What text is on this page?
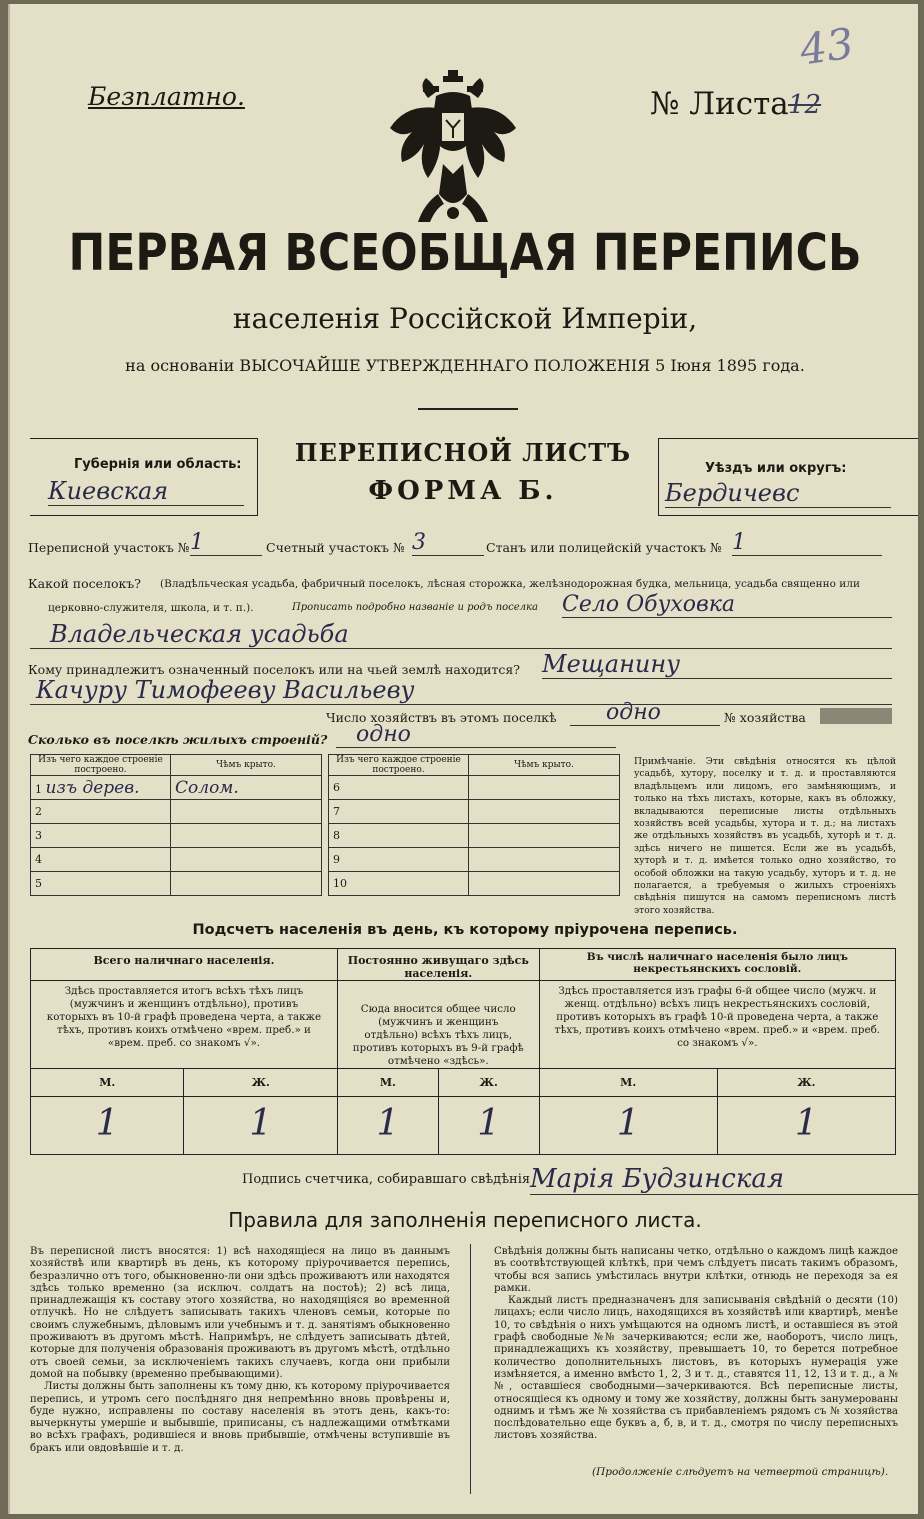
Безплатно.
43
№ Листа 12
ПЕРВАЯ ВСЕОБЩАЯ ПЕРЕПИСЬ
населенія Россійской Имперіи,
на основаніи ВЫСОЧАЙШЕ УТВЕРЖДЕННАГО ПОЛОЖЕНІЯ 5 Іюня 1895 года.
Губернія или область:
Киевская
ПЕРЕПИСНОЙ ЛИСТЪ
ФОРМА Б.
Уѣздъ или округъ:
Бердичевс
Переписной участокъ № 1	Счетный участокъ № 3	Станъ или полицейскій участокъ № 1
Какой поселокъ? (Владѣльческая усадьба, фабричный поселокъ, лѣсная сторожка, желѣзнодорожная будка, мельница, усадьба священно или
церковно-служителя, школа, и т. п.).	Прописать подробно названіе и родъ поселка Село Обуховка
Владельческая усадьба
Кому принадлежитъ означенный поселокъ или на чьей землѣ находится? Мещанину
Качуру Тимофееву Васильеву
Число хозяйствъ въ этомъ поселкѣ	одно	№ хозяйства
Сколько въ поселкѣ жилыхъ строеній?	одно
Изъ чего каждое строеніе построено.	Чѣмъ крыто.
1 изъ дерев.	Солом.
2	
3	
4	
5	
Изъ чего каждое строеніе построено.	Чѣмъ крыто.
6	
7	
8	
9	
10	
Примѣчаніе. Эти свѣдѣнія относятся къ цѣлой усадьбѣ, хутору, поселку и т. д. и проставляются владѣльцемъ или лицомъ, его замѣняющимъ, и только на тѣхъ листахъ, которые, какъ въ обложку, вкладываются переписные листы отдѣльныхъ хозяйствъ всей усадьбы, хутора и т. д.; на листахъ же отдѣльныхъ хозяйствъ въ усадьбѣ, хуторѣ и т. д. здѣсь ничего не пишется. Если же въ усадьбѣ, хуторѣ и т. д. имѣется только одно хозяйство, то особой обложки на такую усадьбу, хуторъ и т. д. не полагается, а требуемыя о жилыхъ строеніяхъ свѣдѣнія пишутся на самомъ переписномъ листѣ этого хозяйства.
Подсчетъ населенія въ день, къ которому пріурочена перепись.
Всего наличнаго населенія.		Постоянно живущаго здѣсь населенія.		Въ числѣ наличнаго населенія было лицъ некрестьянскихъ сословій.	
Здѣсь проставляется итогъ всѣхъ тѣхъ лицъ (мужчинъ и женщинъ отдѣльно), противъ которыхъ въ 10-й графѣ проведена черта, а также тѣхъ, противъ коихъ отмѣчено «врем. преб.» и «врем. преб. со знакомъ √».		Сюда вносится общее число (мужчинъ и женщинъ отдѣльно) всѣхъ тѣхъ лицъ, противъ которыхъ въ 9-й графѣ отмѣчено «здѣсь».		Здѣсь проставляется изъ графы 6-й общее число (мужч. и женщ. отдѣльно) всѣхъ лицъ некрестьянскихъ сословій, противъ которыхъ въ графѣ 10-й проведена черта, а также тѣхъ, противъ коихъ отмѣчено «врем. преб.» и «врем. преб. со знакомъ √».	
М.	Ж.	М.	Ж.	М.	Ж.
1	1	1	1	1	1
Подпись счетчика, собиравшаго свѣдѣнія Марія Будзинская
Правила для заполненія переписного листа.

Въ переписной листъ вносятся: 1) всѣ находящіеся на лицо въ даннымъ хозяйствѣ или квартирѣ въ день, къ которому пріурочивается перепись, безразлично отъ того, обыкновенно-ли они здѣсь проживаютъ или находятся здѣсь только временно (за исключ. солдатъ на постоѣ); 2) всѣ лица, принадлежащія къ составу этого хозяйства, но находящіяся во временной отлучкѣ. Но не слѣдуетъ записывать такихъ членовъ семьи, которые по своимъ служебнымъ, дѣловымъ или учебнымъ и т. д. занятіямъ обыкновенно проживаютъ въ другомъ мѣстѣ. Напримѣръ, не слѣдуетъ записывать дѣтей, которые для полученія образованія проживаютъ въ другомъ мѣстѣ, отдѣльно отъ своей семьи, за исключеніемъ такихъ случаевъ, когда они прибыли домой на побывку (временно пребывающими).

Листы должны быть заполнены къ тому дню, къ которому пріурочивается перепись, и утромъ сего послѣдняго дня непремѣнно вновь провѣрены и, буде нужно, исправлены по составу населенія въ этотъ день, какъ-то: вычеркнуты умершіе и выбывшіе, приписаны, съ надлежащими отмѣтками во всѣхъ графахъ, родившіеся и вновь прибывшіе, отмѣчены вступившіе въ бракъ или овдовѣвшіе и т. д.

Свѣдѣнія должны быть написаны четко, отдѣльно о каждомъ лицѣ каждое въ соотвѣтствующей клѣткѣ, при чемъ слѣдуетъ писать такимъ образомъ, чтобы вся запись умѣстилась внутри клѣтки, отнюдь не переходя за ея рамки.

Каждый листъ предназначенъ для записыванія свѣдѣній о десяти (10) лицахъ; если число лицъ, находящихся въ хозяйствѣ или квартирѣ, менѣе 10, то свѣдѣнія о нихъ умѣщаются на одномъ листѣ, и оставшіеся въ этой графѣ свободные №№ зачеркиваются; если же, наоборотъ, число лицъ, принадлежащихъ къ хозяйству, превышаетъ 10, то берется потребное количество дополнительныхъ листовъ, въ которыхъ нумерація уже измѣняется, а именно вмѣсто 1, 2, 3 и т. д., ставятся 11, 12, 13 и т. д., а №№, оставшіеся свободными—зачеркиваются. Всѣ переписные листы, относящіеся къ одному и тому же хозяйству, должны быть занумерованы однимъ и тѣмъ же № хозяйства съ прибавленіемъ рядомъ съ № хозяйства послѣдовательно еще буквъ а, б, в, и т. д., смотря по числу переписныхъ листовъ хозяйства.

(Продолженіе слѣдуетъ на четвертой страницѣ).
